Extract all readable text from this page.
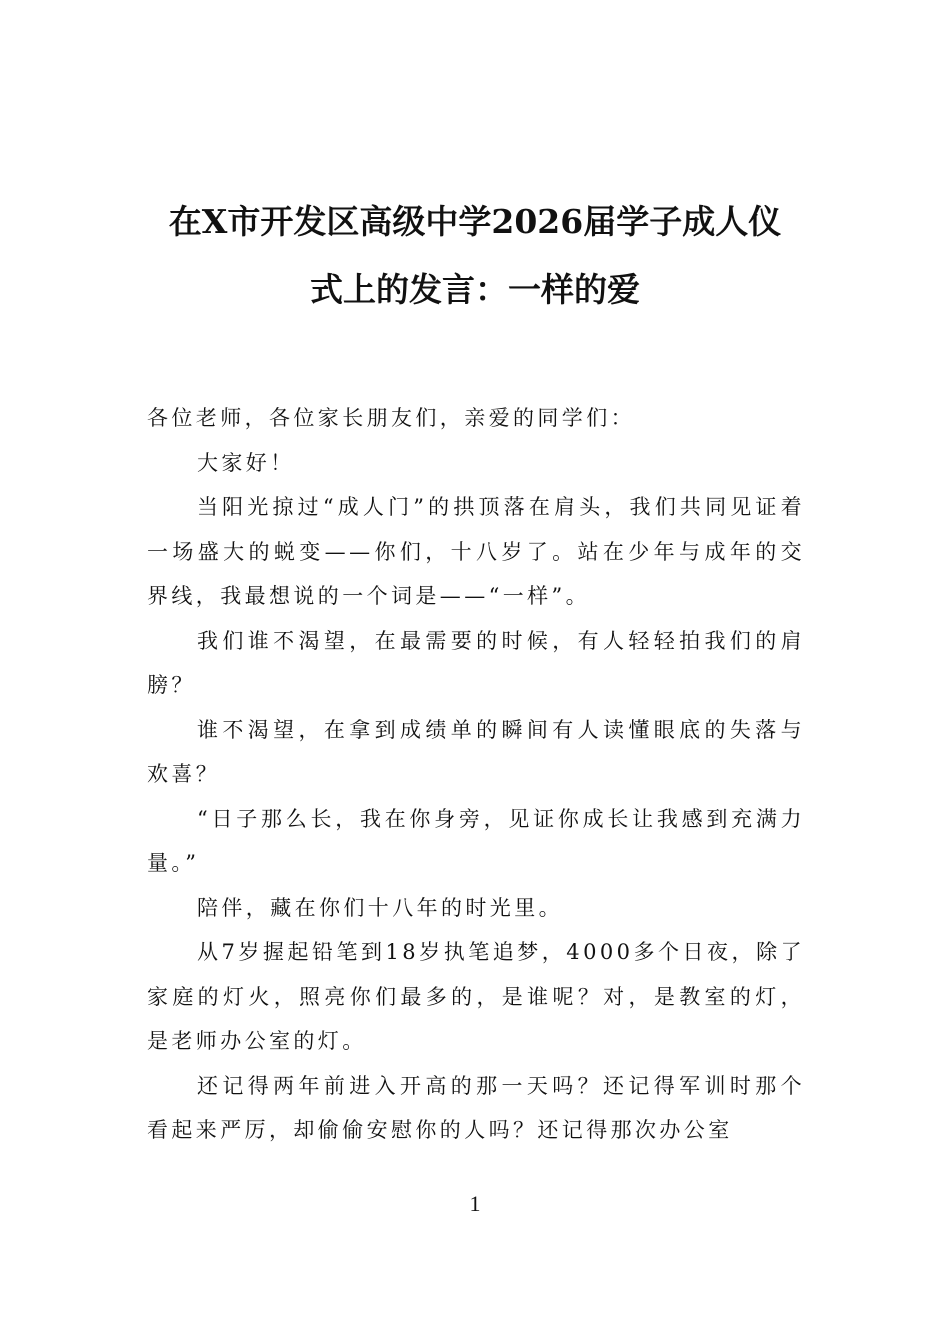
在X市开发区高级中学2026届学子成人仪
式上的发言：一样的爱

各位老师，各位家长朋友们，亲爱的同学们：

大家好！

当阳光掠过“成人门”的拱顶落在肩头，我们共同见证着一场盛大的蜕变——你们，十八岁了。站在少年与成年的交界线，我最想说的一个词是——“一样”。

我们谁不渴望，在最需要的时候，有人轻轻拍我们的肩膀？

谁不渴望，在拿到成绩单的瞬间有人读懂眼底的失落与欢喜？

“日子那么长，我在你身旁，见证你成长让我感到充满力量。”

陪伴，藏在你们十八年的时光里。

从7岁握起铅笔到18岁执笔追梦，4000多个日夜，除了家庭的灯火，照亮你们最多的，是谁呢？对，是教室的灯，是老师办公室的灯。

还记得两年前进入开高的那一天吗？还记得军训时那个看起来严厉，却偷偷安慰你的人吗？还记得那次办公室

1
